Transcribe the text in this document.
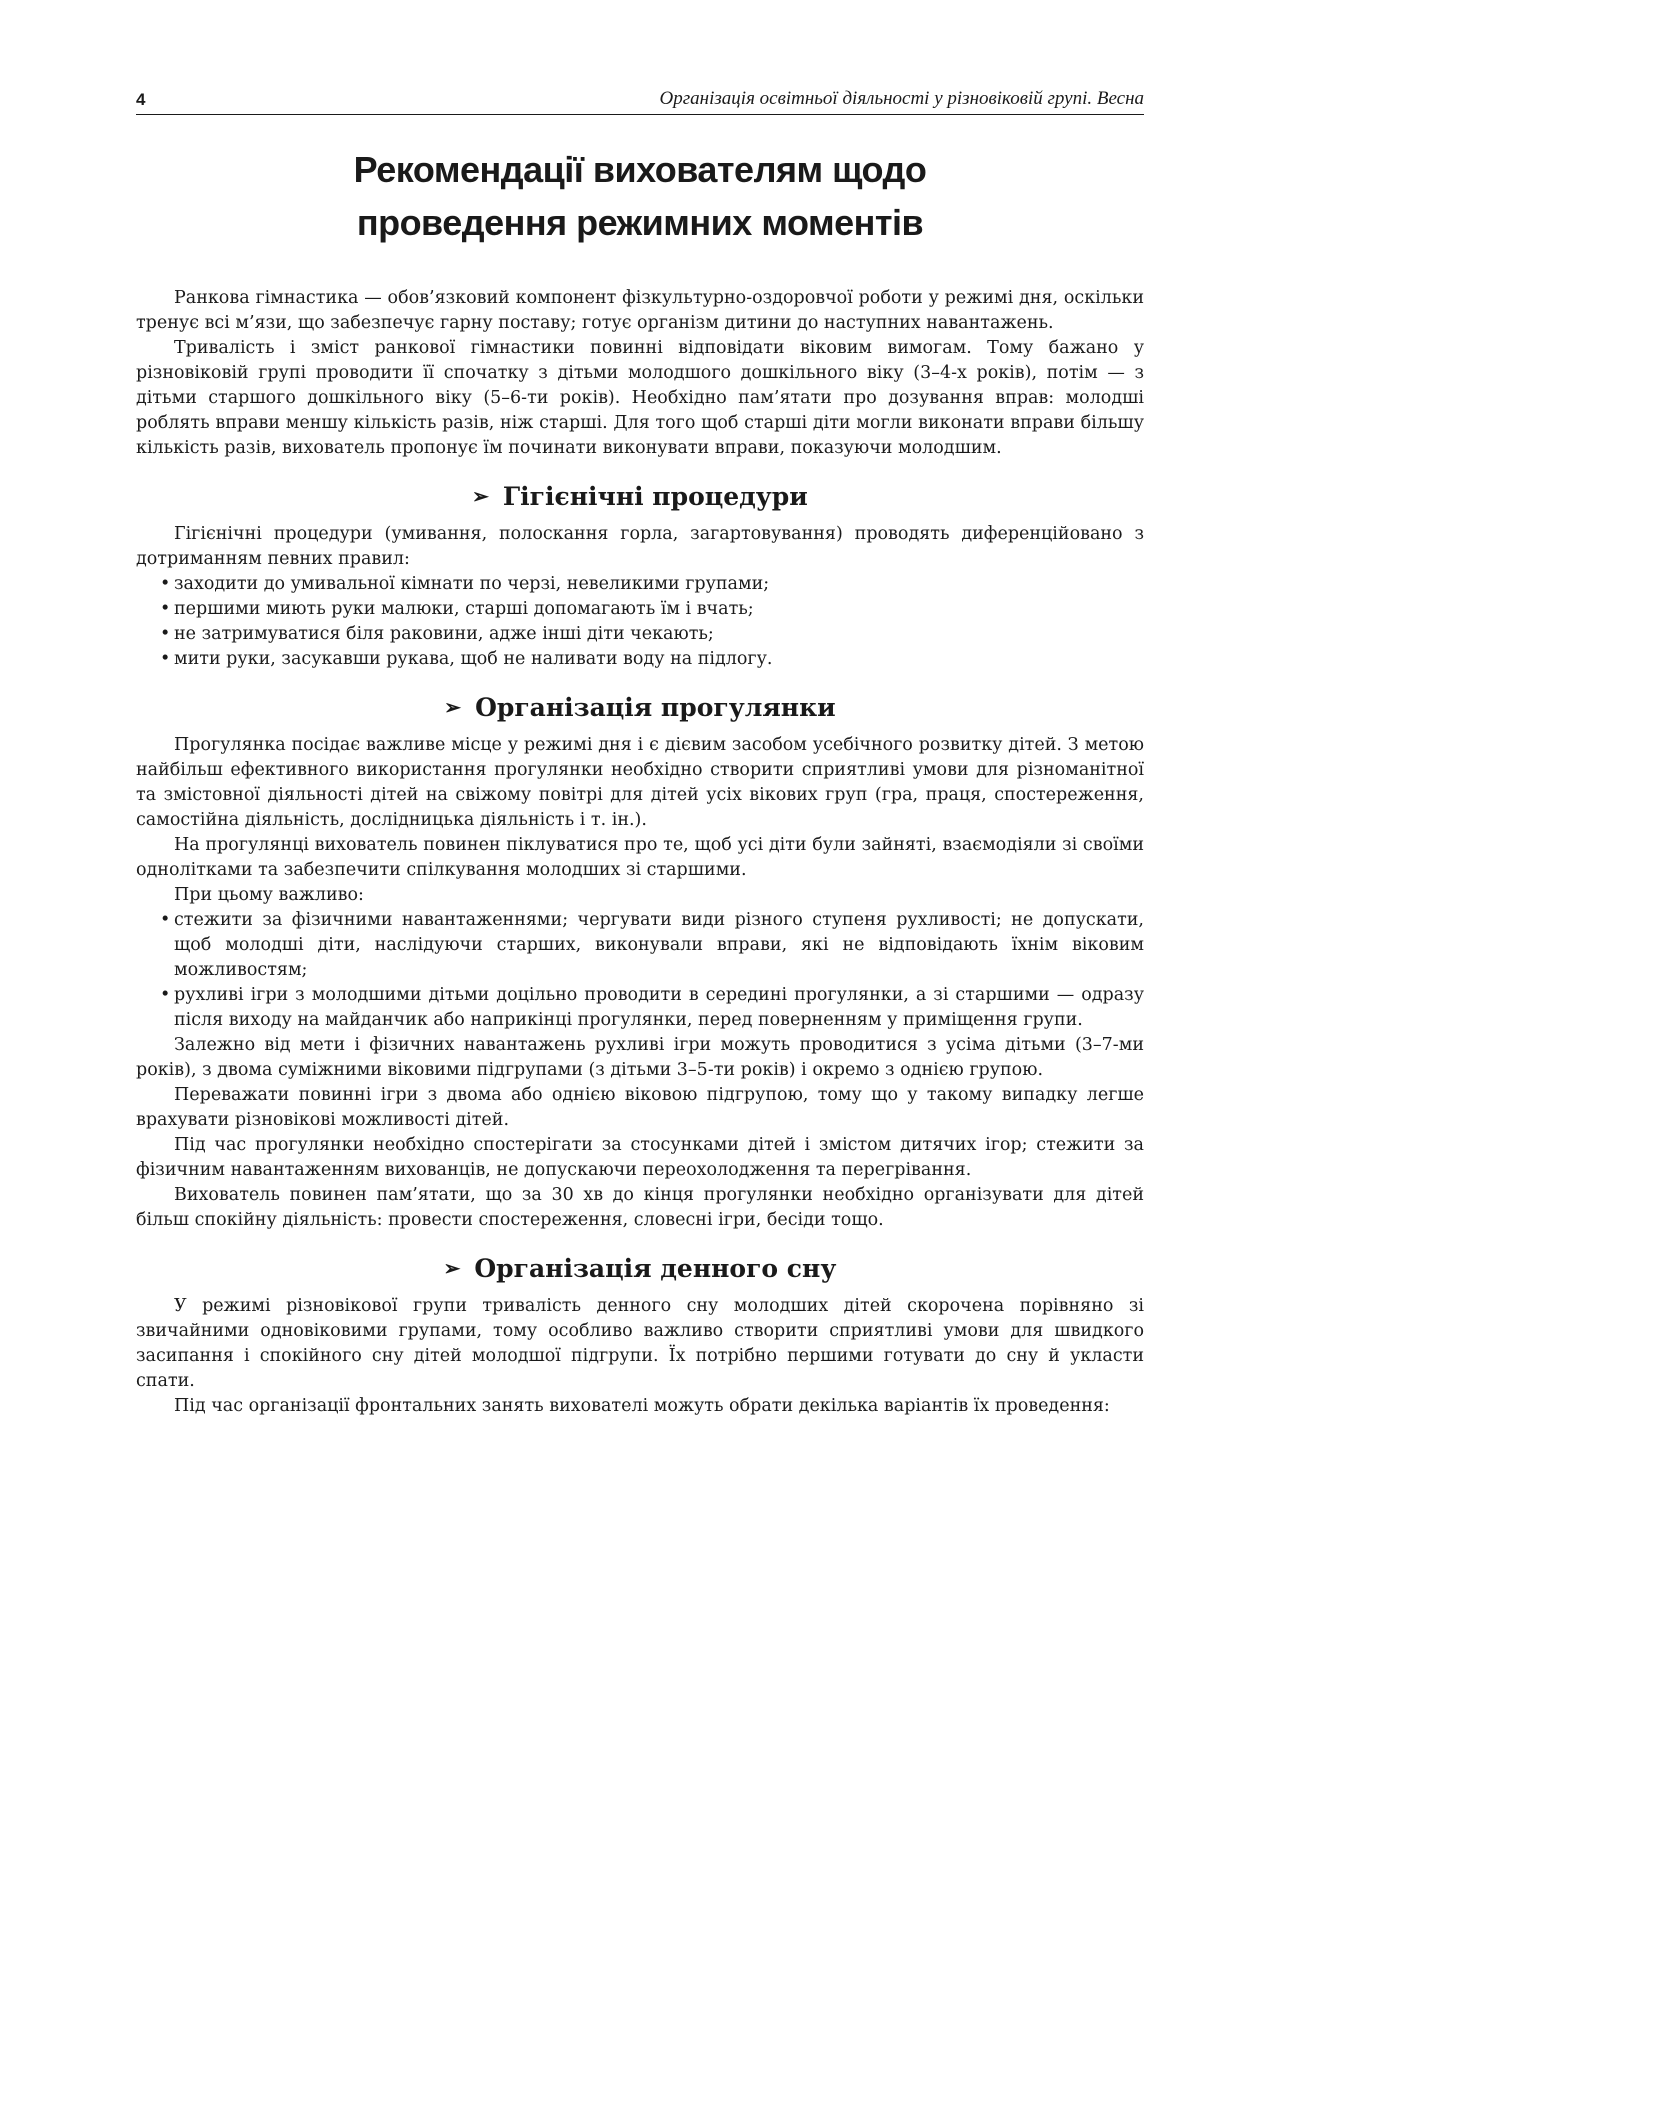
4	Організація освітньої діяльності у різновіковій групі. Весна
Рекомендації вихователям щодо
проведення режимних моментів

Ранкова гімнастика — обов’язковий компонент фізкультурно-оздоровчої роботи у режимі дня, оскільки тренує всі м’язи, що забезпечує гарну поставу; готує організм дитини до наступних навантажень.

Тривалість і зміст ранкової гімнастики повинні відповідати віковим вимогам. Тому бажано у різновіковій групі проводити її спочатку з дітьми молодшого дошкільного віку (3–4-х років), потім — з дітьми старшого дошкільного віку (5–6-ти років). Необхідно пам’ятати про дозування вправ: молодші роблять вправи меншу кількість разів, ніж старші. Для того щоб старші діти могли виконати вправи більшу кількість разів, вихователь пропонує їм починати виконувати вправи, показуючи молодшим.

➢ Гігієнічні процедури

Гігієнічні процедури (умивання, полоскання горла, загартовування) проводять диференційовано з дотриманням певних правил:

• заходити до умивальної кімнати по черзі, невеликими групами;
• першими миють руки малюки, старші допомагають їм і вчать;
• не затримуватися біля раковини, адже інші діти чекають;
• мити руки, засукавши рукава, щоб не наливати воду на підлогу.
➢ Організація прогулянки

Прогулянка посідає важливе місце у режимі дня і є дієвим засобом усебічного розвитку дітей. З метою найбільш ефективного використання прогулянки необхідно створити сприятливі умови для різноманітної та змістовної діяльності дітей на свіжому повітрі для дітей усіх вікових груп (гра, праця, спостереження, самостійна діяльність, дослідницька діяльність і т. ін.).

На прогулянці вихователь повинен піклуватися про те, щоб усі діти були зайняті, взаємодіяли зі своїми однолітками та забезпечити спілкування молодших зі старшими.

При цьому важливо:

• стежити за фізичними навантаженнями; чергувати види різного ступеня рухливості; не допускати, щоб молодші діти, наслідуючи старших, виконували вправи, які не відповідають їхнім віковим можливостям;
• рухливі ігри з молодшими дітьми доцільно проводити в середині прогулянки, а зі старшими — одразу після виходу на майданчик або наприкінці прогулянки, перед поверненням у приміщення групи.

Залежно від мети і фізичних навантажень рухливі ігри можуть проводитися з усіма дітьми (3–7-ми років), з двома суміжними віковими підгрупами (з дітьми 3–5-ти років) і окремо з однією групою.

Переважати повинні ігри з двома або однією віковою підгрупою, тому що у такому випадку легше врахувати різновікові можливості дітей.

Під час прогулянки необхідно спостерігати за стосунками дітей і змістом дитячих ігор; стежити за фізичним навантаженням вихованців, не допускаючи переохолодження та перегрівання.

Вихователь повинен пам’ятати, що за 30 хв до кінця прогулянки необхідно організувати для дітей більш спокійну діяльність: провести спостереження, словесні ігри, бесіди тощо.

➢ Організація денного сну

У режимі різновікової групи тривалість денного сну молодших дітей скорочена порівняно зі звичайними одновіковими групами, тому особливо важливо створити сприятливі умови для швидкого засипання і спокійного сну дітей молодшої підгрупи. Їх потрібно першими готувати до сну й укласти спати.

Під час організації фронтальних занять вихователі можуть обрати декілька варіантів їх проведення:
